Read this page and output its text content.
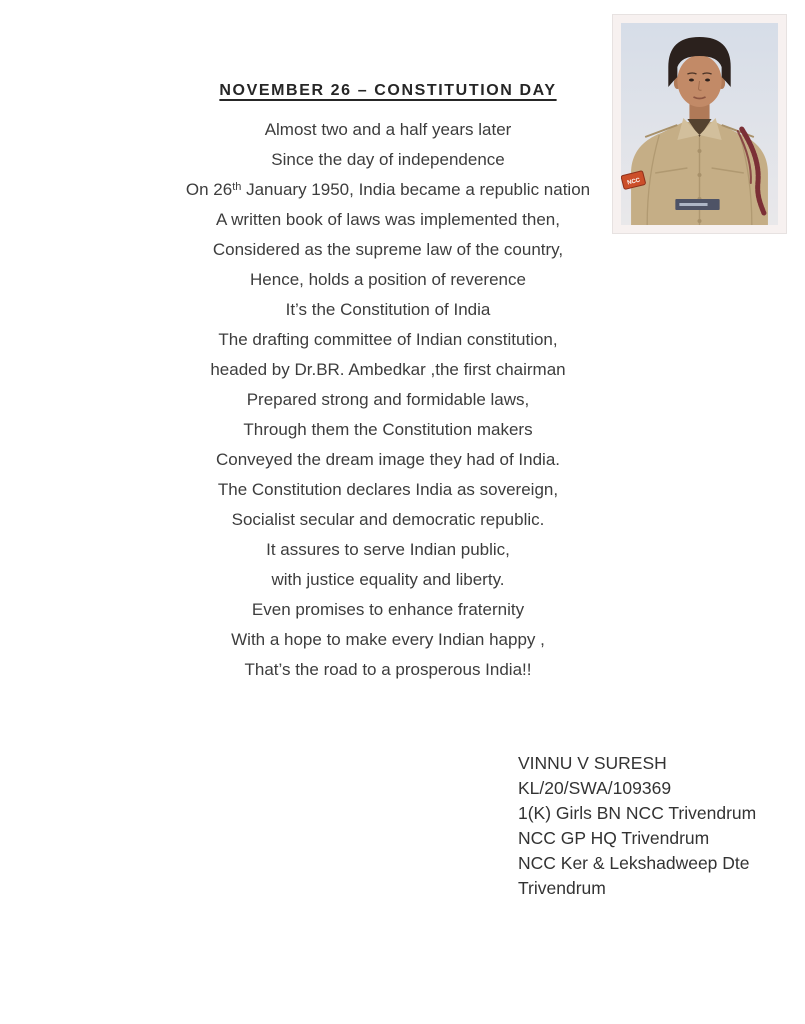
NCC
NOVEMBER 26 – CONSTITUTION DAY
Almost two and a half years later
Since the day of independence
On 26th January 1950, India became a republic nation
A written book of laws was implemented then,
Considered as the supreme law of the country,
Hence, holds a position of reverence
It’s the Constitution of India
The drafting committee of Indian constitution,
headed by Dr.BR. Ambedkar ,the first chairman
Prepared strong and formidable laws,
Through them the Constitution makers
Conveyed the dream image they had of India.
The Constitution declares India as sovereign,
Socialist secular and democratic republic.
It assures to serve Indian public,
with justice equality and liberty.
Even promises to enhance fraternity
With a hope to make every Indian happy ,
That’s the road to a prosperous India!!
VINNU V SURESH
KL/20/SWA/109369
1(K) Girls BN NCC Trivendrum
NCC GP HQ Trivendrum
NCC Ker & Lekshadweep Dte
Trivendrum
